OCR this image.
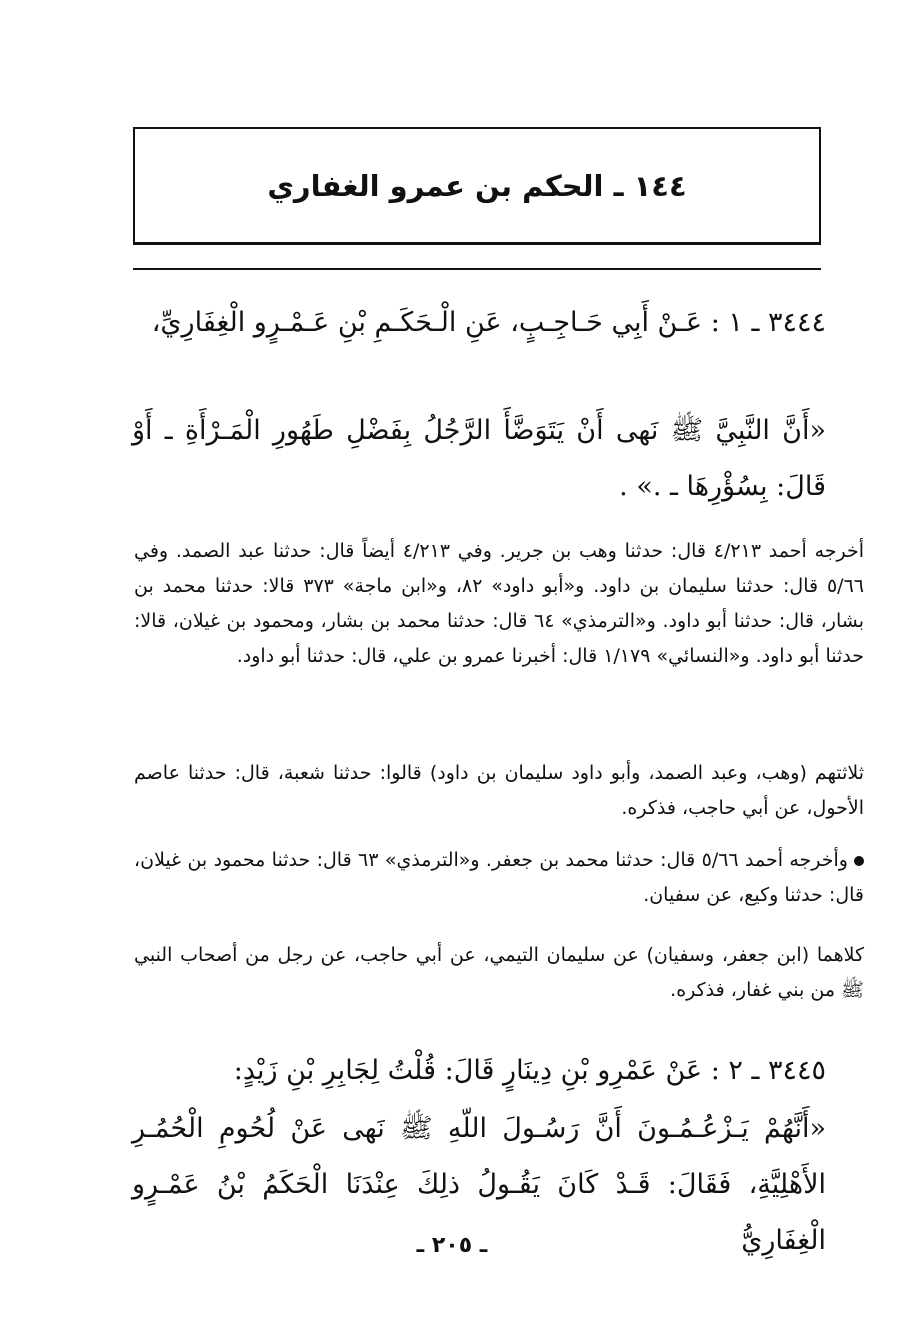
١٤٤ ـ الحكم بن عمرو الغفاري

٣٤٤٤ ـ ١ : عَـنْ أَبِي حَـاجِـبٍ، عَنِ الْـحَكَـمِ بْنِ عَـمْـرٍو الْغِفَارِيِّ،

«أَنَّ النَّبِيَّ ﷺ نَهى أَنْ يَتَوَضَّأَ الرَّجُلُ بِفَضْلِ طَهُورِ الْمَـرْأَةِ ـ أَوْ قَالَ: بِسُؤْرِهَا ـ .» .

أخرجه أحمد ٤/٢١٣ قال: حدثنا وهب بن جرير. وفي ٤/٢١٣ أيضاً قال: حدثنا عبد الصمد. وفي ٥/٦٦ قال: حدثنا سليمان بن داود. و«أبو داود» ٨٢، و«ابن ماجة» ٣٧٣ قالا: حدثنا محمد بن بشار، قال: حدثنا أبو داود. و«الترمذي» ٦٤ قال: حدثنا محمد بن بشار، ومحمود بن غيلان، قالا: حدثنا أبو داود. و«النسائي» ١/١٧٩ قال: أخبرنا عمرو بن علي، قال: حدثنا أبو داود.

ثلاثتهم (وهب، وعبد الصمد، وأبو داود سليمان بن داود) قالوا: حدثنا شعبة، قال: حدثنا عاصم الأحول، عن أبي حاجب، فذكره.

وأخرجه أحمد ٥/٦٦ قال: حدثنا محمد بن جعفر. و«الترمذي» ٦٣ قال: حدثنا محمود بن غيلان، قال: حدثنا وكيع، عن سفيان.

كلاهما (ابن جعفر، وسفيان) عن سليمان التيمي، عن أبي حاجب، عن رجل من أصحاب النبي ﷺ من بني غفار، فذكره.

٣٤٤٥ ـ ٢ : عَنْ عَمْرِو بْنِ دِينَارٍ قَالَ: قُلْتُ لِجَابِرِ بْنِ زَيْدٍ:

«أَنَّهُمْ يَـزْعُـمُـونَ أَنَّ رَسُـولَ اللّهِ ﷺ نَهى عَنْ لُحُومِ الْحُمُـرِ الأَهْلِيَّةِ، فَقَالَ: قَـدْ كَانَ يَقُـولُ ذلِكَ عِنْدَنَا الْحَكَمُ بْنُ عَمْـرٍو الْغِفَارِيُّ

ـ ٢٠٥ ـ
